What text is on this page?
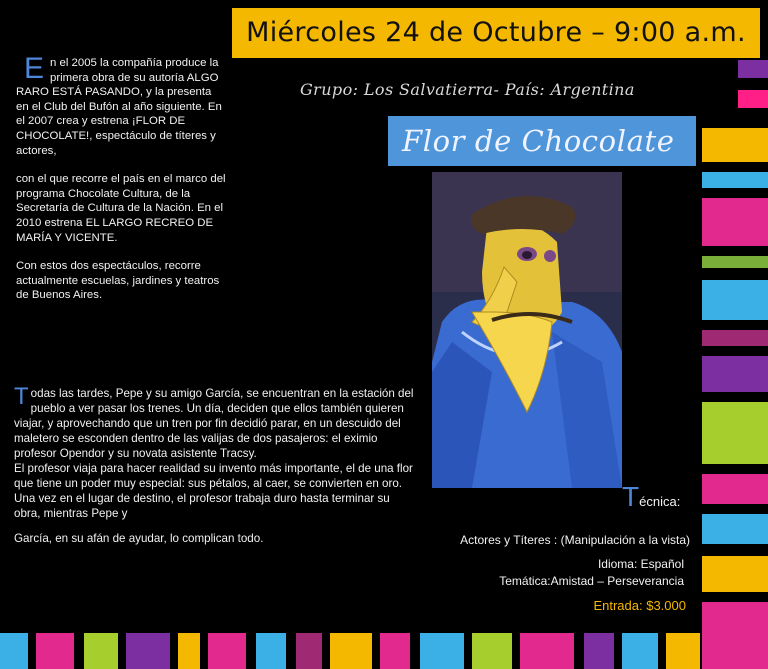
Miércoles 24 de Octubre – 9:00 a.m.
Grupo: Los Salvatierra- País: Argentina
Flor de Chocolate

En el 2005 la compañía produce la primera obra de su autoría ALGO RARO ESTÁ PASANDO, y la presenta en el Club del Bufón al año siguiente. En el 2007 crea y estrena ¡FLOR DE CHOCOLATE!, espectáculo de títeres y actores,

con el que recorre el país en el marco del programa Chocolate Cultura, de la Secretaría de Cultura de la Nación. En el 2010 estrena EL LARGO RECREO DE MARÍA Y VICENTE.

Con estos dos espectáculos, recorre actualmente escuelas, jardines y teatros de Buenos Aires.

Todas las tardes, Pepe y su amigo García, se encuentran en la estación del pueblo a ver pasar los trenes. Un día, deciden que ellos también quieren viajar, y aprovechando que un tren por fin decidió parar, en un descuido del maletero se esconden dentro de las valijas de dos pasajeros: el eximio profesor Opendor y su novata asistente Tracsy.

El profesor viaja para hacer realidad su invento más importante, el de una flor que tiene un poder muy especial: sus pétalos, al caer, se convierten en oro. Una vez en el lugar de destino, el profesor trabaja duro hasta terminar su obra, mientras Pepe y

García, en su afán de ayudar, lo complican todo.

Técnica:
Actores y Títeres : (Manipulación a la vista)
Idioma: Español
Temática:Amistad – Perseverancia
Entrada: $3.000
